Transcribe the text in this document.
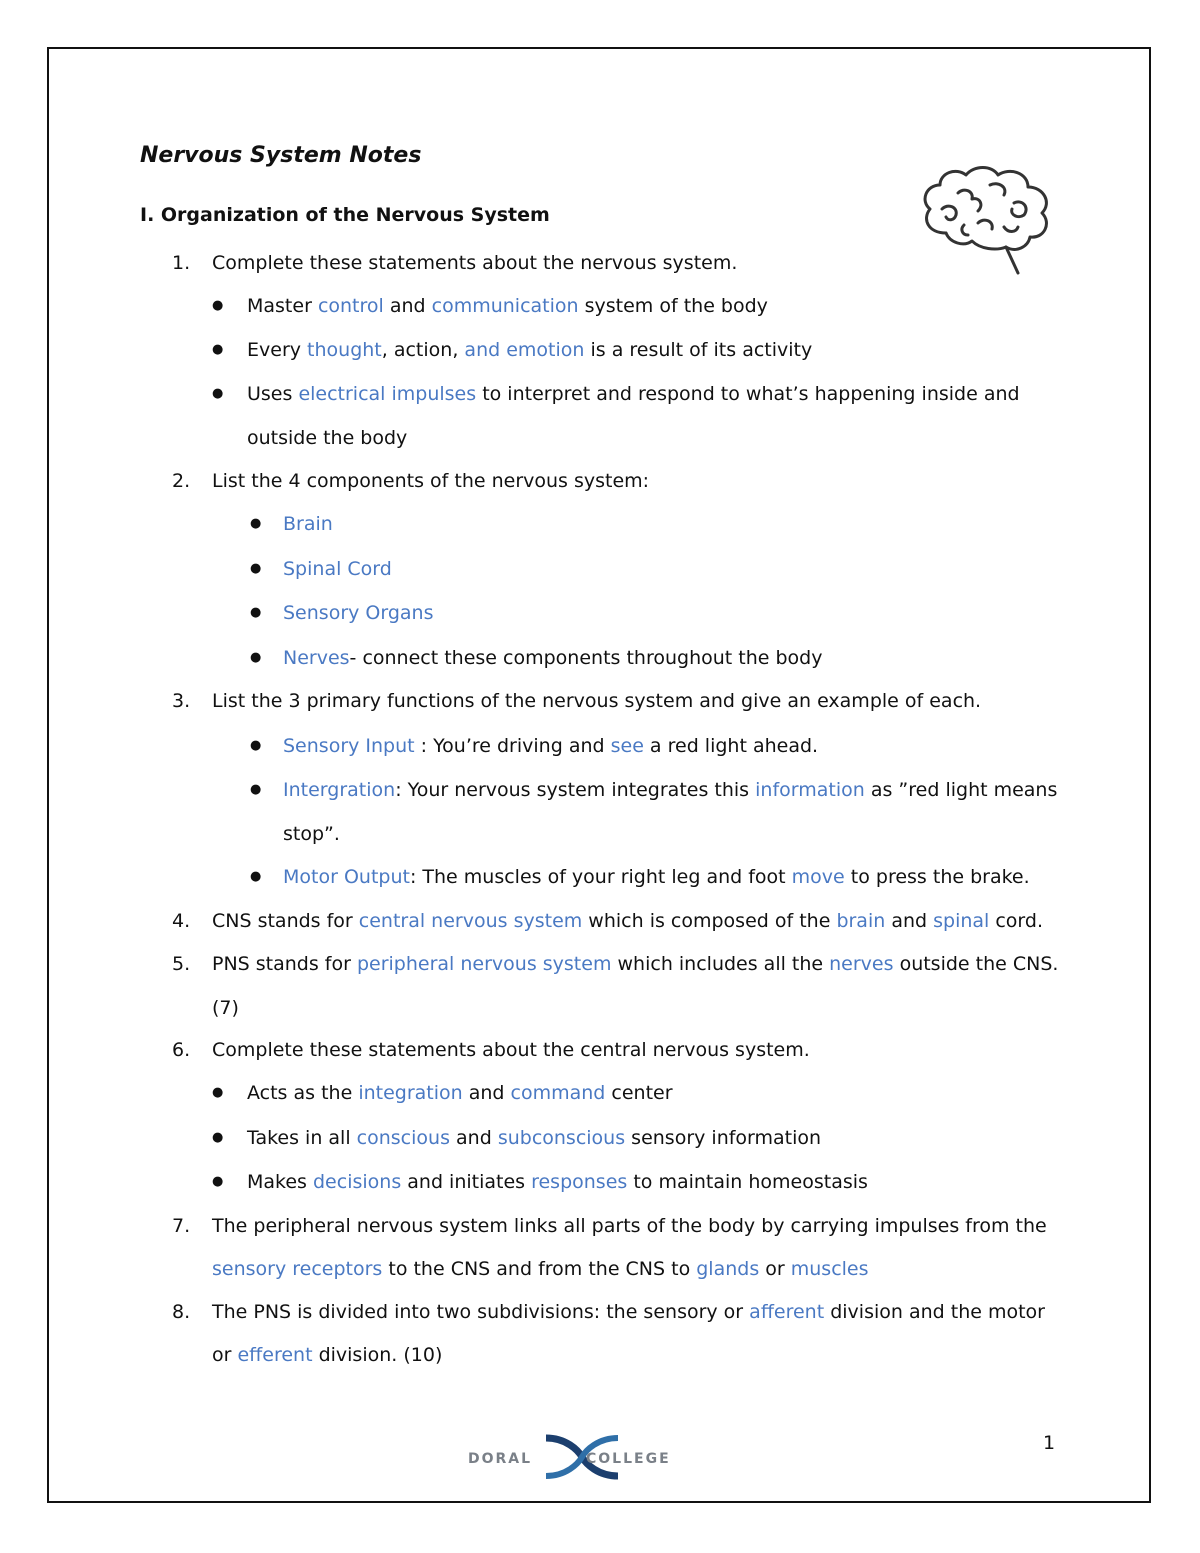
Nervous System Notes
I. Organization of the Nervous System
1. Complete these statements about the nervous system.
● Master control and communication system of the body
● Every thought, action, and emotion is a result of its activity
● Uses electrical impulses to interpret and respond to what’s happening inside and
outside the body
2. List the 4 components of the nervous system:
● Brain
● Spinal Cord
● Sensory Organs
● Nerves- connect these components throughout the body
3. List the 3 primary functions of the nervous system and give an example of each.
● Sensory Input : You’re driving and see a red light ahead.
● Intergration: Your nervous system integrates this information as ”red light means
stop”.
● Motor Output: The muscles of your right leg and foot move to press the brake.
4. CNS stands for central nervous system which is composed of the brain and spinal cord.
5. PNS stands for peripheral nervous system which includes all the nerves outside the CNS.
(7)
6. Complete these statements about the central nervous system.
● Acts as the integration and command center
● Takes in all conscious and subconscious sensory information
● Makes decisions and initiates responses to maintain homeostasis
7. The peripheral nervous system links all parts of the body by carrying impulses from the
sensory receptors to the CNS and from the CNS to glands or muscles
8. The PNS is divided into two subdivisions: the sensory or afferent division and the motor
or efferent division. (10)
DORAL	COLLEGE
1
